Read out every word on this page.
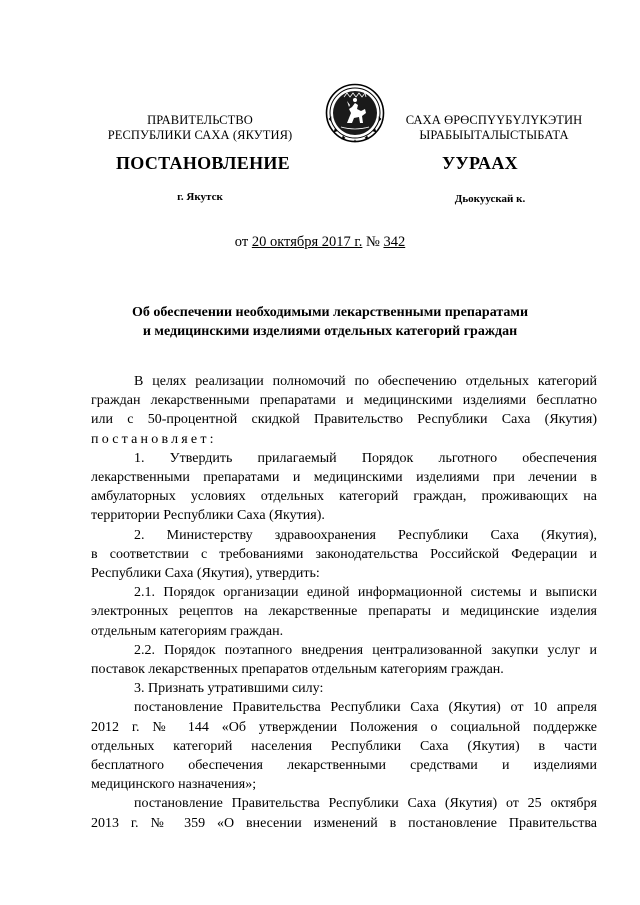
ПРАВИТЕЛЬСТВО
РЕСПУБЛИКИ САХА (ЯКУТИЯ)
САХА ӨРӨСПҮҮБҮЛҮКЭТИН
ЫРАБЫЫТАЛЫСТЫБАТА
ПОСТАНОВЛЕНИЕ	УУРААХ
г. Якутск	Дьокуускай к.
от 20 октября 2017 г. № 342
Об обеспечении необходимыми лекарственными препаратами
и медицинскими изделиями отдельных категорий граждан

В целях реализации полномочий по обеспечению отдельных категорий

граждан лекарственными препаратами и медицинскими изделиями бесплатно

или с 50-процентной скидкой Правительство Республики Саха (Якутия)

постановляет:

1. Утвердить прилагаемый Порядок льготного обеспечения

лекарственными препаратами и медицинскими изделиями при лечении в

амбулаторных условиях отдельных категорий граждан, проживающих на

территории Республики Саха (Якутия).

2. Министерству здравоохранения Республики Саха (Якутия),

в соответствии с требованиями законодательства Российской Федерации и

Республики Саха (Якутия), утвердить:

2.1. Порядок организации единой информационной системы и выписки

электронных рецептов на лекарственные препараты и медицинские изделия

отдельным категориям граждан.

2.2. Порядок поэтапного внедрения централизованной закупки услуг и

поставок лекарственных препаратов отдельным категориям граждан.

3. Признать утратившими силу:

постановление Правительства Республики Саха (Якутия) от 10 апреля

2012 г. № 144 «Об утверждении Положения о социальной поддержке

отдельных категорий населения Республики Саха (Якутия) в части

бесплатного обеспечения лекарственными средствами и изделиями

медицинского назначения»;

постановление Правительства Республики Саха (Якутия) от 25 октября

2013 г. № 359 «О внесении изменений в постановление Правительства
